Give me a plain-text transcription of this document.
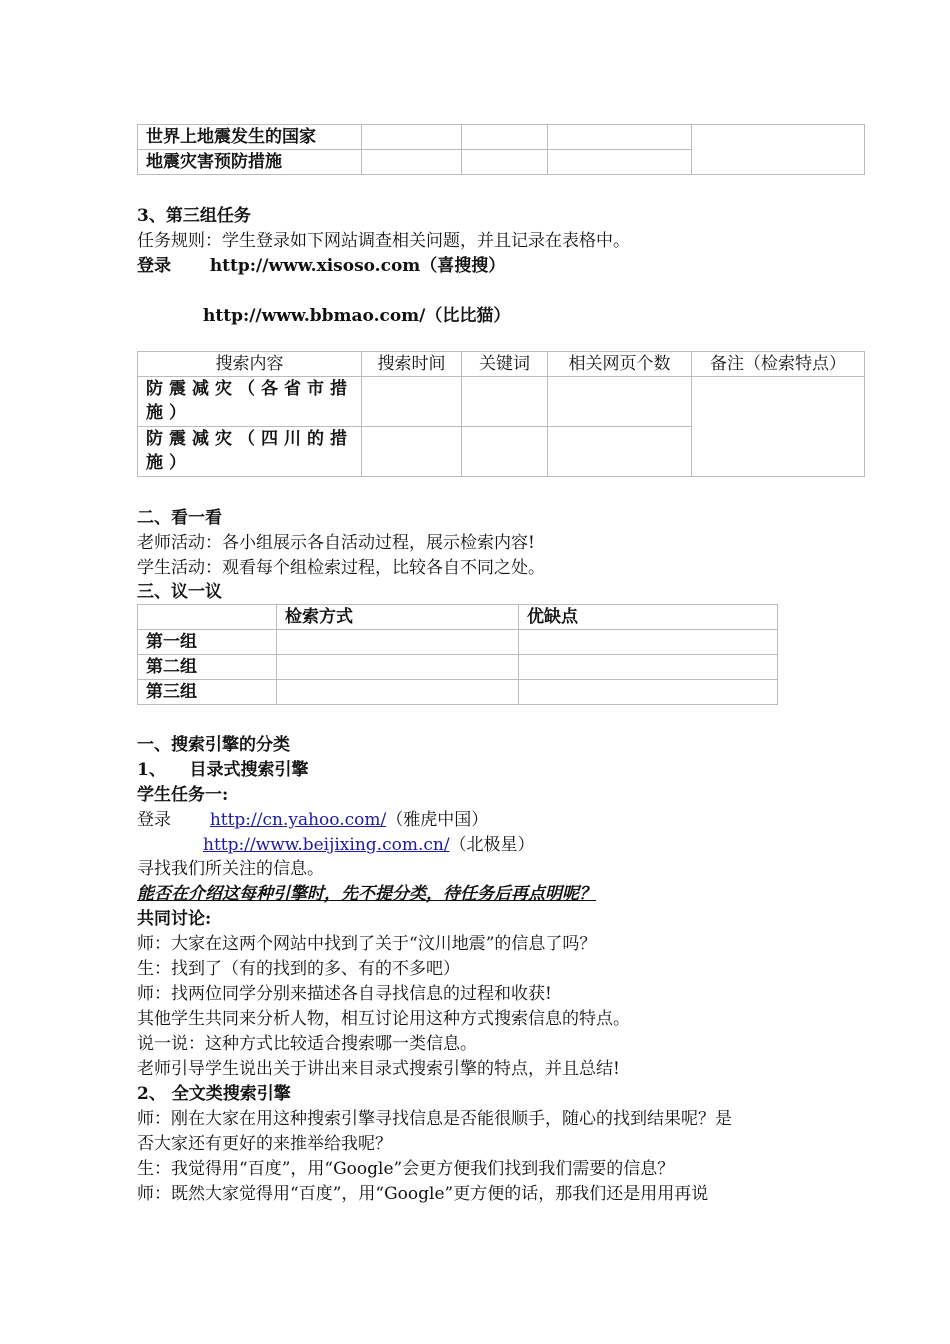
世界上地震发生的国家				
地震灾害预防措施				
3、第三组任务
任务规则：学生登录如下网站调查相关问题，并且记录在表格中。
登录 http://www.xisoso.com（喜搜搜）
http://www.bbmao.com/（比比猫）
搜索内容	搜索时间	关键词	相关网页个数	备注（检索特点）
防震减灾（各省市措施）				
防震减灾（四川的措施）				
二、看一看
老师活动：各小组展示各自活动过程，展示检索内容!
学生活动：观看每个组检索过程，比较各自不同之处。
三、议一议
	检索方式	优缺点
第一组		
第二组		
第三组		
一、搜索引擎的分类
1、    目录式搜索引擎
学生任务一:
登录 http://cn.yahoo.com/（雅虎中国）
http://www.beijixing.com.cn/（北极星）
寻找我们所关注的信息。
能否在介绍这每种引擎时，先不提分类，待任务后再点明呢？
共同讨论:
师：大家在这两个网站中找到了关于“汶川地震”的信息了吗？
生：找到了（有的找到的多、有的不多吧）
师：找两位同学分别来描述各自寻找信息的过程和收获!
其他学生共同来分析人物，相互讨论用这种方式搜索信息的特点。
说一说：这种方式比较适合搜索哪一类信息。
老师引导学生说出关于讲出来目录式搜索引擎的特点，并且总结!
2、 全文类搜索引擎
师：刚在大家在用这种搜索引擎寻找信息是否能很顺手，随心的找到结果呢？是
否大家还有更好的来推举给我呢？
生：我觉得用“百度”，用“Google”会更方便我们找到我们需要的信息？
师：既然大家觉得用“百度”，用“Google”更方便的话，那我们还是用用再说
